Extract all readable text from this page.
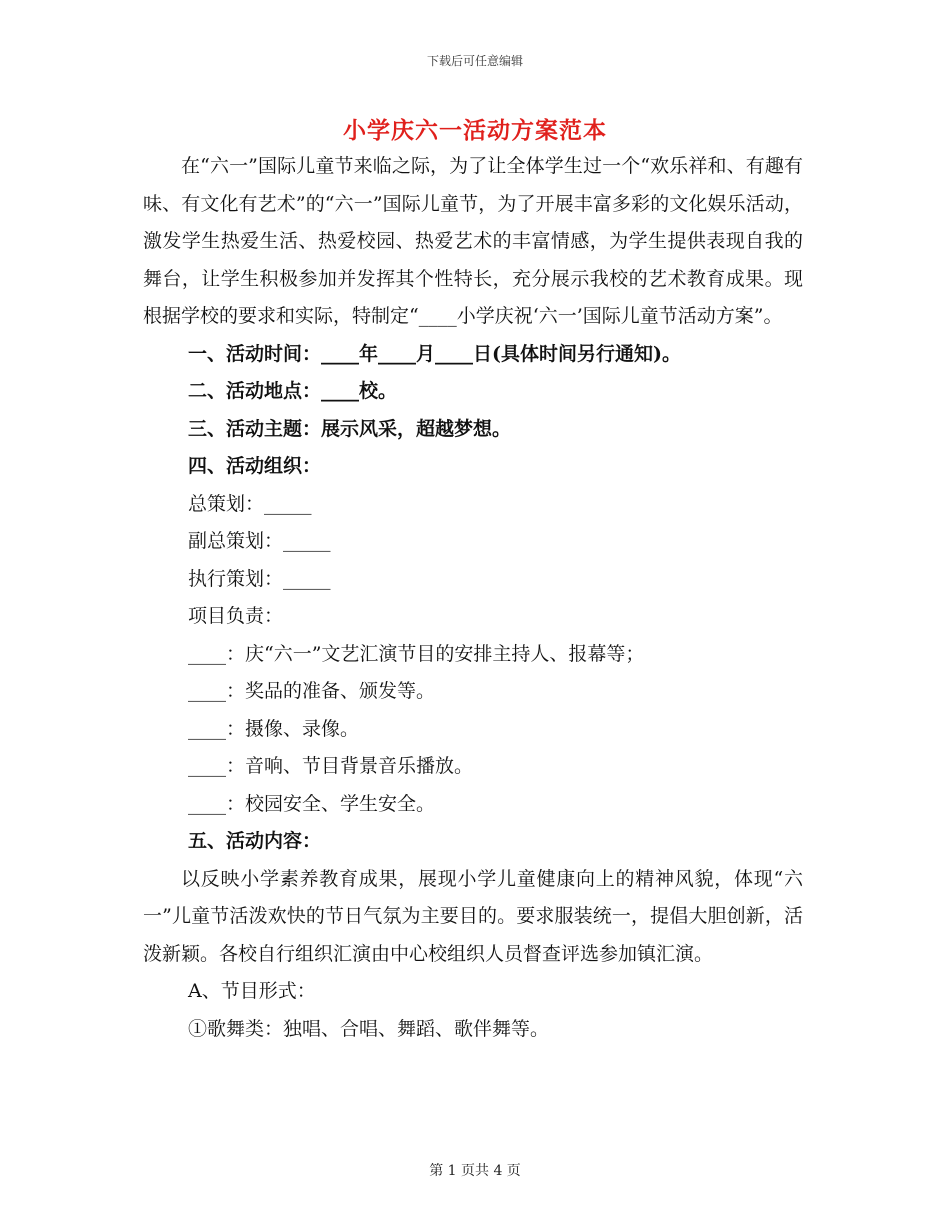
下载后可任意编辑
小学庆六一活动方案范本

在“六一”国际儿童节来临之际，为了让全体学生过一个“欢乐祥和、有趣有味、有文化有艺术”的“六一”国际儿童节，为了开展丰富多彩的文化娱乐活动，激发学生热爱生活、热爱校园、热爱艺术的丰富情感，为学生提供表现自我的舞台，让学生积极参加并发挥其个性特长，充分展示我校的艺术教育成果。现根据学校的要求和实际，特制定“____小学庆祝‘六一’国际儿童节活动方案”。

一、活动时间：____年____月____日(具体时间另行通知)。

二、活动地点：____校。

三、活动主题：展示风采，超越梦想。

四、活动组织：

总策划：_____

副总策划：_____

执行策划：_____

项目负责：

____：庆“六一”文艺汇演节目的安排主持人、报幕等；

____：奖品的准备、颁发等。

____：摄像、录像。

____：音响、节目背景音乐播放。

____：校园安全、学生安全。

五、活动内容：

以反映小学素养教育成果，展现小学儿童健康向上的精神风貌，体现“六一”儿童节活泼欢快的节日气氛为主要目的。要求服装统一，提倡大胆创新，活泼新颖。各校自行组织汇演由中心校组织人员督查评选参加镇汇演。

A、节目形式：

①歌舞类：独唱、合唱、舞蹈、歌伴舞等。

第 1 页共 4 页
